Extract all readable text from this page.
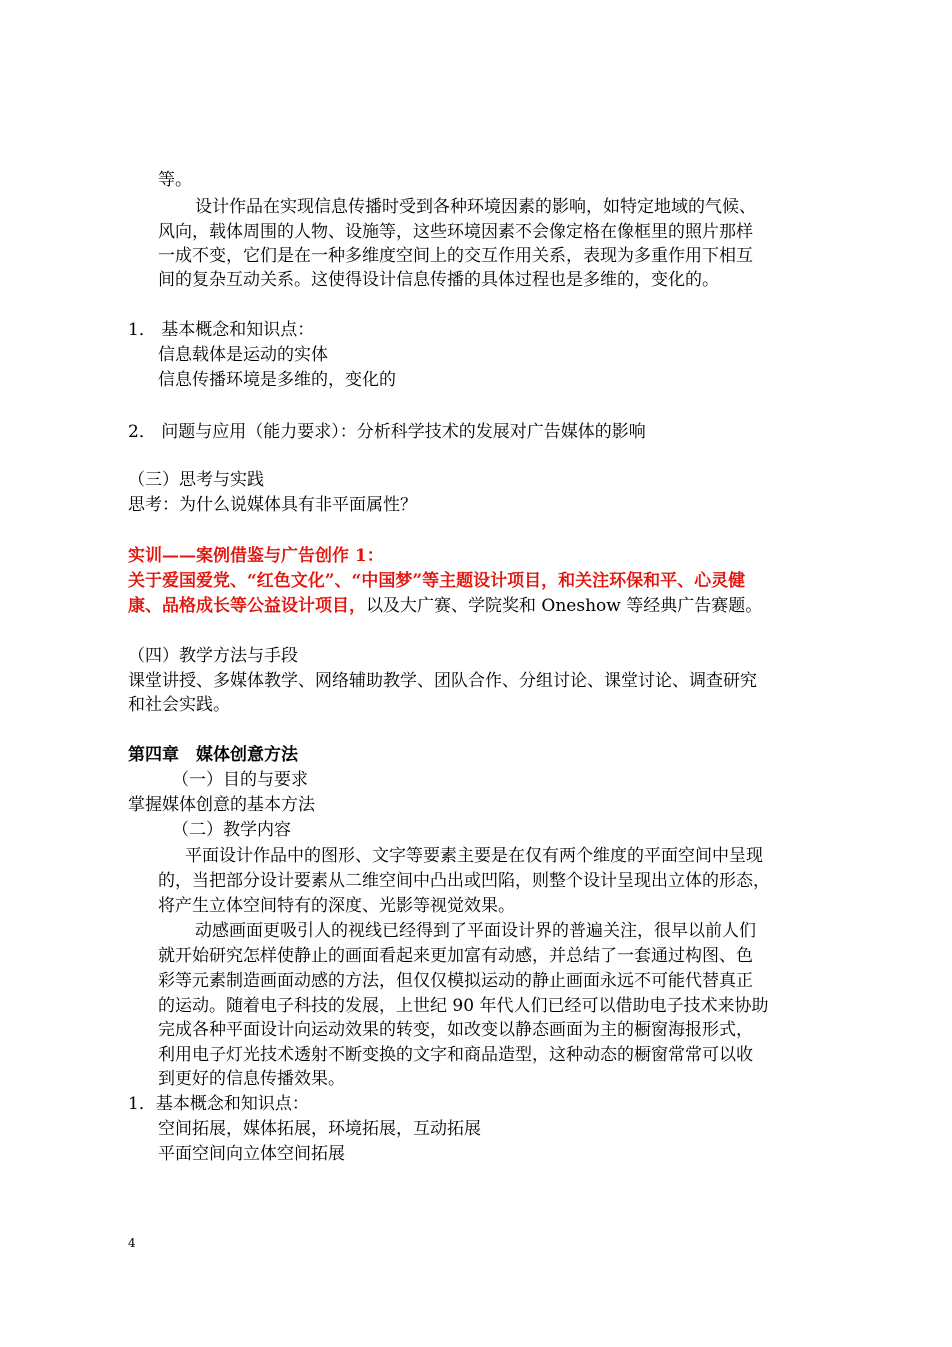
等。

设计作品在实现信息传播时受到各种环境因素的影响，如特定地域的气候、

风向，载体周围的人物、设施等，这些环境因素不会像定格在像框里的照片那样

一成不变，它们是在一种多维度空间上的交互作用关系，表现为多重作用下相互

间的复杂互动关系。这使得设计信息传播的具体过程也是多维的，变化的。

1． 基本概念和知识点：

信息载体是运动的实体

信息传播环境是多维的，变化的

2． 问题与应用（能力要求）：分析科学技术的发展对广告媒体的影响

（三）思考与实践

思考：为什么说媒体具有非平面属性？

实训——案例借鉴与广告创作 1：

关于爱国爱党、“红色文化”、“中国梦”等主题设计项目，和关注环保和平、心灵健

康、品格成长等公益设计项目，以及大广赛、学院奖和 Oneshow 等经典广告赛题。

（四）教学方法与手段

课堂讲授、多媒体教学、网络辅助教学、团队合作、分组讨论、课堂讨论、调查研究

和社会实践。

第四章　媒体创意方法

（一）目的与要求

掌握媒体创意的基本方法

（二）教学内容

平面设计作品中的图形、文字等要素主要是在仅有两个维度的平面空间中呈现

的，当把部分设计要素从二维空间中凸出或凹陷，则整个设计呈现出立体的形态，

将产生立体空间特有的深度、光影等视觉效果。

动感画面更吸引人的视线已经得到了平面设计界的普遍关注，很早以前人们

就开始研究怎样使静止的画面看起来更加富有动感，并总结了一套通过构图、色

彩等元素制造画面动感的方法，但仅仅模拟运动的静止画面永远不可能代替真正

的运动。随着电子科技的发展，上世纪 90 年代人们已经可以借助电子技术来协助

完成各种平面设计向运动效果的转变，如改变以静态画面为主的橱窗海报形式，

利用电子灯光技术透射不断变换的文字和商品造型，这种动态的橱窗常常可以收

到更好的信息传播效果。

1．基本概念和知识点：

空间拓展，媒体拓展，环境拓展，互动拓展

平面空间向立体空间拓展

4
